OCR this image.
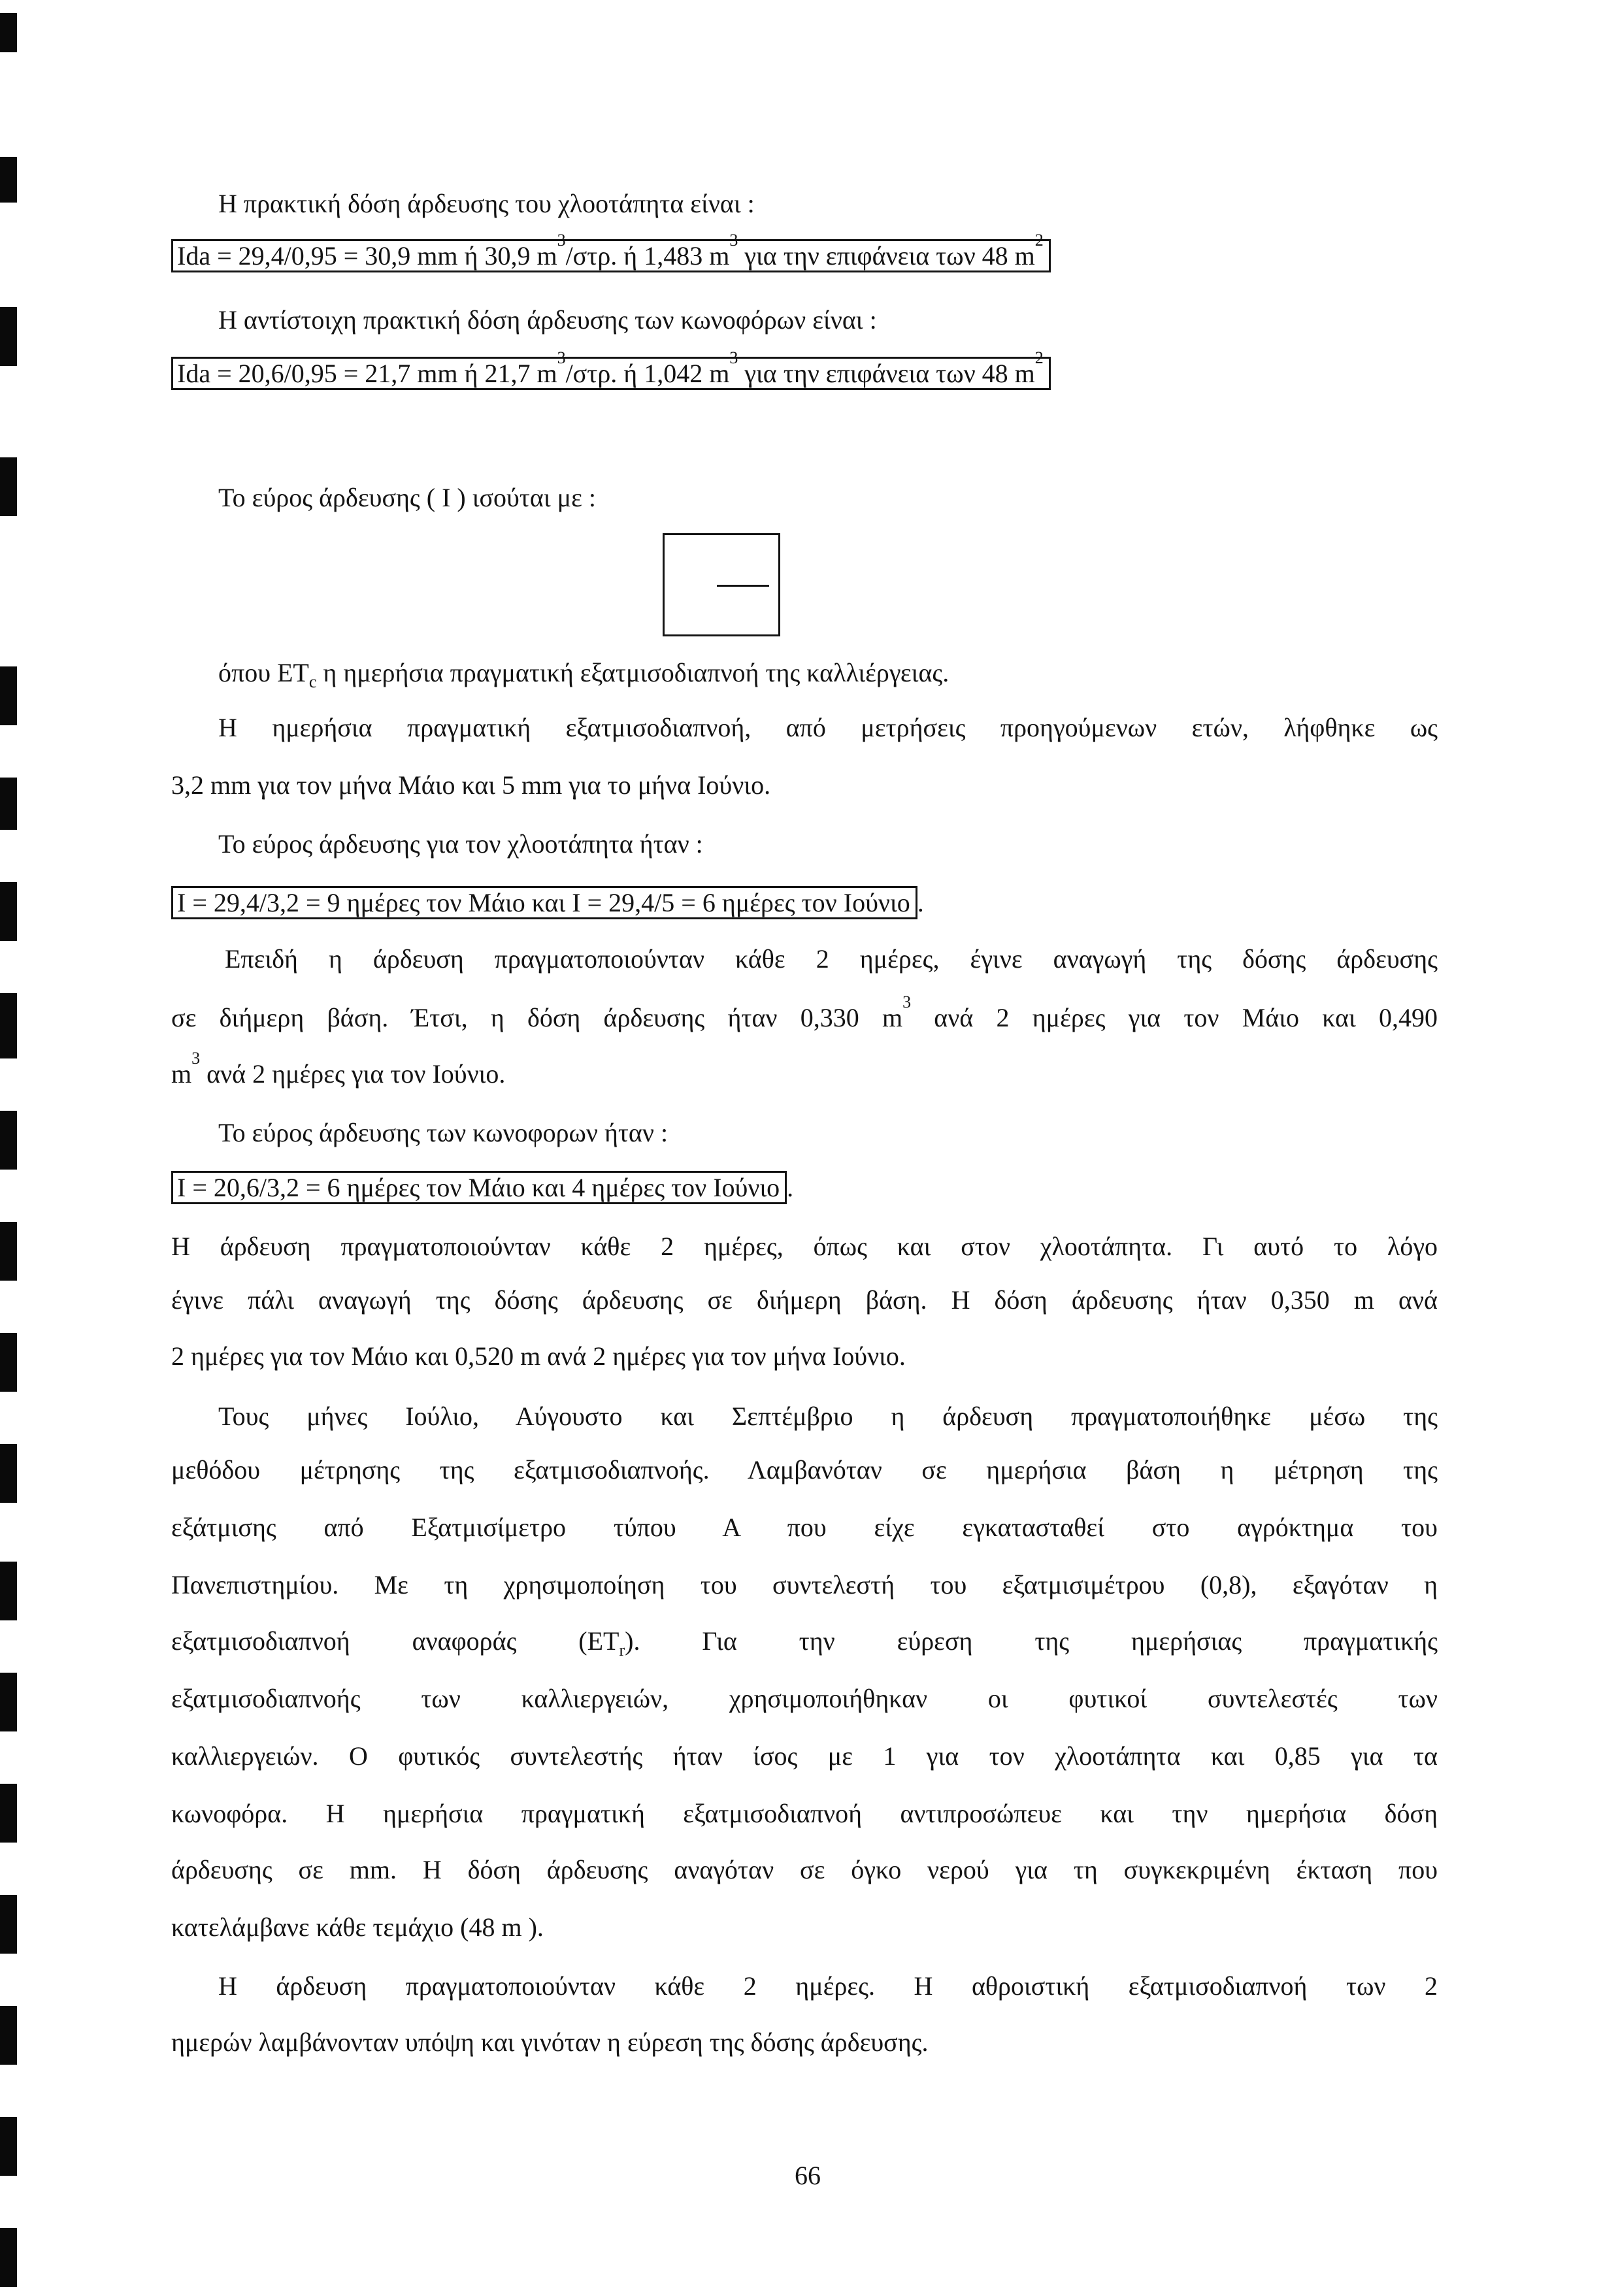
Η πρακτική δόση άρδευσης του χλοοτάπητα είναι :
Ida = 29,4/0,95 = 30,9 mm ή 30,9 $m^3$/στρ. ή 1,483 $m^3$ για την επιφάνεια των 48 $m^2$
Η αντίστοιχη πρακτική δόση άρδευσης των κωνοφόρων είναι :
Ida = 20,6/0,95 = 21,7 mm ή 21,7 $m^3$/στρ. ή 1,042 $m^3$ για την επιφάνεια των 48 $m^2$
Το εύρος άρδευσης ( I ) ισούται με :
όπου $ET_c$ η ημερήσια πραγματική εξατμισοδιαπνοή της καλλιέργειας.
Η ημερήσια πραγματική εξατμισοδιαπνοή, από μετρήσεις προηγούμενων ετών, λήφθηκε ως
3,2 mm για τον μήνα Μάιο και 5 mm για το μήνα Ιούνιο.
Το εύρος άρδευσης για τον χλοοτάπητα ήταν :
I = 29,4/3,2 = 9 ημέρες τον Μάιο και I = 29,4/5 = 6 ημέρες τον Ιούνιο .
Επειδή η άρδευση πραγματοποιούνταν κάθε 2 ημέρες, έγινε αναγωγή της δόσης άρδευσης
σε διήμερη βάση. Έτσι, η δόση άρδευσης ήταν 0,330 $m^3$ ανά 2 ημέρες για τον Μάιο και 0,490
$m^3$ ανά 2 ημέρες για τον Ιούνιο.
Το εύρος άρδευσης των κωνοφορων ήταν :
I = 20,6/3,2 = 6 ημέρες τον Μάιο και 4 ημέρες τον Ιούνιο .
Η άρδευση πραγματοποιούνταν κάθε 2 ημέρες, όπως και στον χλοοτάπητα. Γι αυτό το λόγο
έγινε πάλι αναγωγή της δόσης άρδευσης σε διήμερη βάση. Η δόση άρδευσης ήταν 0,350 m ανά
2 ημέρες για τον Μάιο και 0,520 m ανά 2 ημέρες για τον μήνα Ιούνιο.
Τους μήνες Ιούλιο, Αύγουστο και Σεπτέμβριο η άρδευση πραγματοποιήθηκε μέσω της
μεθόδου μέτρησης της εξατμισοδιαπνοής. Λαμβανόταν σε ημερήσια βάση η μέτρηση της
εξάτμισης από Εξατμισίμετρο τύπου Α που είχε εγκατασταθεί στο αγρόκτημα του
Πανεπιστημίου. Με τη χρησιμοποίηση του συντελεστή του εξατμισιμέτρου (0,8), εξαγόταν η
εξατμισοδιαπνοή αναφοράς $(ET_r)$. Για την εύρεση της ημερήσιας πραγματικής
εξατμισοδιαπνοής των καλλιεργειών, χρησιμοποιήθηκαν οι φυτικοί συντελεστές των
καλλιεργειών. Ο φυτικός συντελεστής ήταν ίσος με 1 για τον χλοοτάπητα και 0,85 για τα
κωνοφόρα. Η ημερήσια πραγματική εξατμισοδιαπνοή αντιπροσώπευε και την ημερήσια δόση
άρδευσης σε mm. Η δόση άρδευσης αναγόταν σε όγκο νερού για τη συγκεκριμένη έκταση που
κατελάμβανε κάθε τεμάχιο (48 m ).
Η άρδευση πραγματοποιούνταν κάθε 2 ημέρες. Η αθροιστική εξατμισοδιαπνοή των 2
ημερών λαμβάνονταν υπόψη και γινόταν η εύρεση της δόσης άρδευσης.
66
